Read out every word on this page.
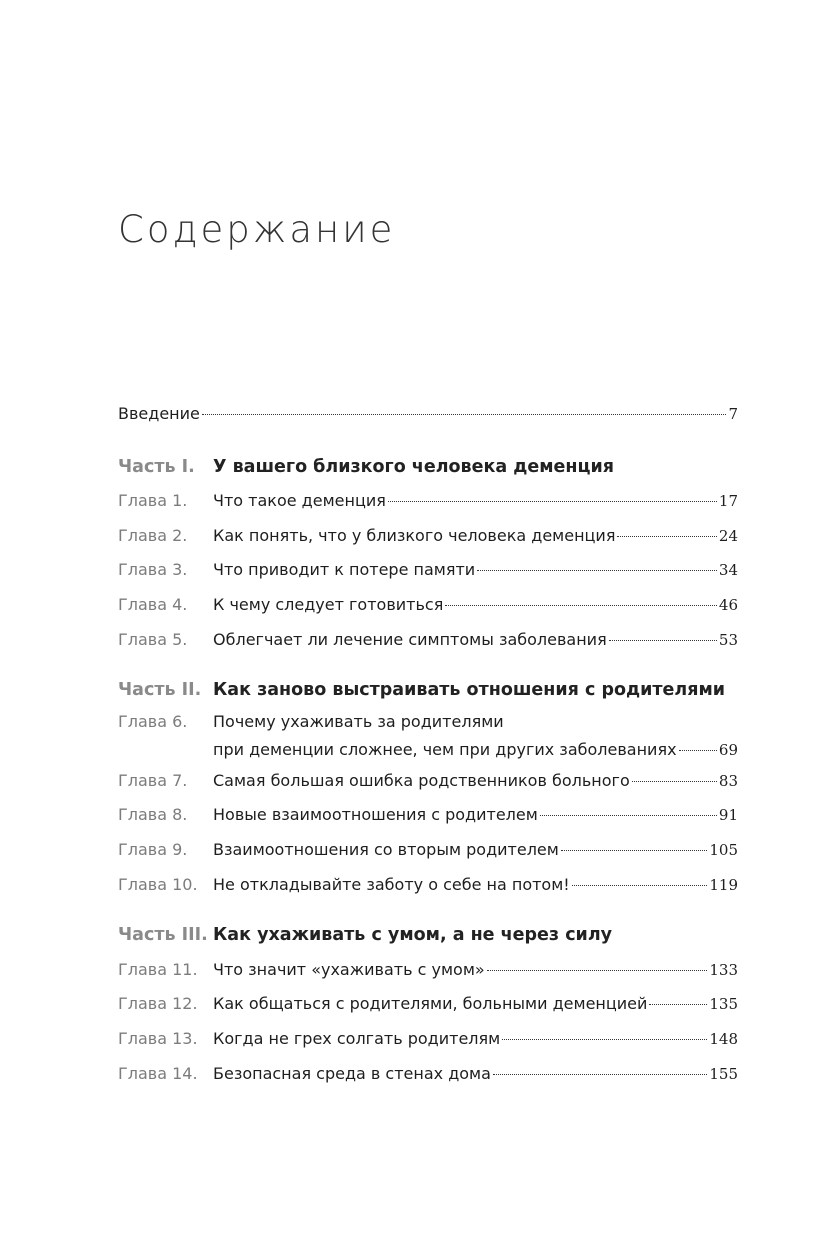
Содержание
Введение	7
Часть I.	У вашего близкого человека деменция
Глава 1.	Что такое деменция	17
Глава 2.	Как понять, что у близкого человека деменция	24
Глава 3.	Что приводит к потере памяти	34
Глава 4.	К чему следует готовиться	46
Глава 5.	Облегчает ли лечение симптомы заболевания	53
Часть II. Как заново выстраивать отношения с родителями
Глава 6.	Почему ухаживать за родителями
при деменции сложнее, чем при других заболеваниях	69
Глава 7.	Самая большая ошибка родственников больного	83
Глава 8.	Новые взаимоотношения с родителем	91
Глава 9.	Взаимоотношения со вторым родителем	105
Глава 10. Не откладывайте заботу о себе на потом!	119
Часть III. Как ухаживать с умом, а не через силу
Глава 11. Что значит «ухаживать с умом»	133
Глава 12. Как общаться с родителями, больными деменцией	135
Глава 13. Когда не грех солгать родителям	148
Глава 14. Безопасная среда в стенах дома	155
